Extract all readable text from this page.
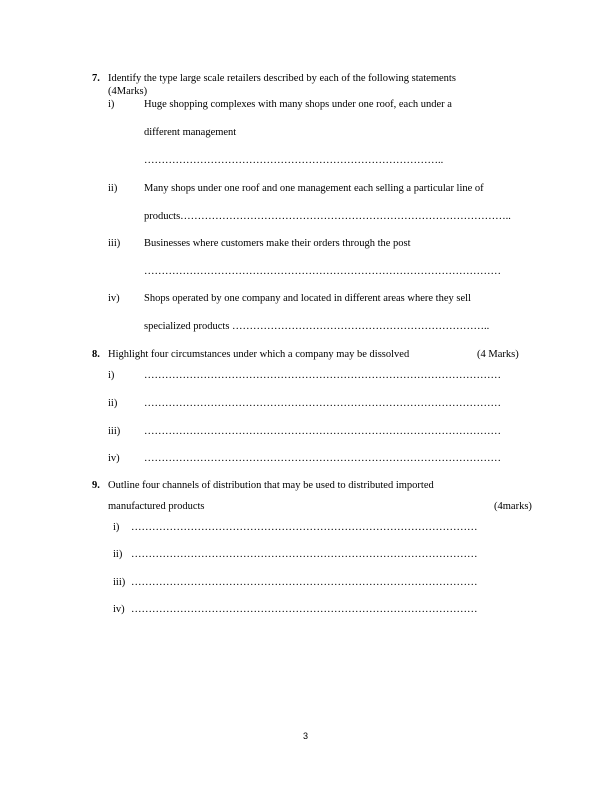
7. Identify the type large scale retailers described by each of the following statements
(4Marks)
i)	Huge shopping complexes with many shops under one roof, each under a
different management
…………………………………………………………………………..
ii)	Many shops under one roof and one management each selling a particular line of
products…………………………………………………………………………………..
iii) Businesses where customers make their orders through the post
…………………………………………………………………………………………
iv) Shops operated by one company and located in different areas where they sell
specialized products ………………………………………………………………..
8. Highlight four circumstances under which a company may be dissolved	(4 Marks)
i)	…………………………………………………………………………………………
ii)	…………………………………………………………………………………………
iii) …………………………………………………………………………………………
iv) …………………………………………………………………………………………
9. Outline four channels of distribution that may be used to distributed imported
manufactured products	(4marks)
i) ………………………………………………………………………………………
ii) ………………………………………………………………………………………
iii) ………………………………………………………………………………………
iv) ………………………………………………………………………………………
3
